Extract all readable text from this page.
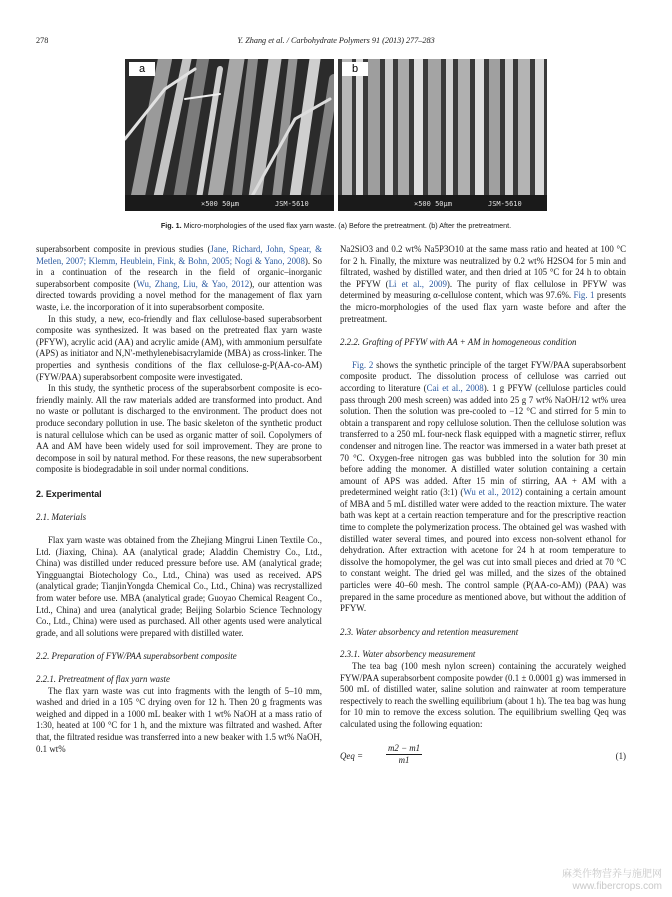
278	Y. Zhang et al. / Carbohydrate Polymers 91 (2013) 277–283
×500 50μm	JSM-5610
a
×500 50μm	JSM-5610
b
Fig. 1. Micro-morphologies of the used flax yarn waste. (a) Before the pretreatment. (b) After the pretreatment.

superabsorbent composite in previous studies (Jane, Richard, John, Spear, & Metlen, 2007; Klemm, Heublein, Fink, & Bohn, 2005; Nogi & Yano, 2008). So in a continuation of the research in the field of organic–inorganic superabsorbent composite (Wu, Zhang, Liu, & Yao, 2012), our attention was directed towards providing a novel method for the management of flax yarn waste, i.e. the incorporation of it into superabsorbent composite.

In this study, a new, eco-friendly and flax cellulose-based superabsorbent composite was synthesized. It was based on the pretreated flax yarn waste (PFYW), acrylic acid (AA) and acrylic amide (AM), with ammonium persulfate (APS) as initiator and N,N′-methylenebisacrylamide (MBA) as cross-linker. The properties and synthesis conditions of the flax cellulose-g-P(AA-co-AM) (FYW/PAA) superabsorbent composite were investigated.

In this study, the synthetic process of the superabsorbent composite is eco-friendly mainly. All the raw materials added are transformed into product. And no waste or pollutant is discharged to the environment. The product does not produce secondary pollution in use. The basic skeleton of the synthetic product is natural cellulose which can be used as organic matter of soil. Copolymers of AA and AM have been widely used for soil improvement. They are prone to decompose in soil by natural method. For these reasons, the new superabsorbent composite is biodegradable in soil under normal conditions.

2. Experimental
2.1. Materials

Flax yarn waste was obtained from the Zhejiang Mingrui Linen Textile Co., Ltd. (Jiaxing, China). AA (analytical grade; Aladdin Chemistry Co., Ltd., China) was distilled under reduced pressure before use. AM (analytical grade; Yingguangtai Biotechology Co., Ltd., China) was used as received. APS (analytical grade; TianjinYongda Chemical Co., Ltd., China) was recrystallized from water before use. MBA (analytical grade; Guoyao Chemical Reagent Co., Ltd., China) and urea (analytical grade; Beijing Solarbio Science Technology Co., Ltd., China) were used as purchased. All other agents used were analytical grade, and all solutions were prepared with distilled water.

2.2. Preparation of FYW/PAA superabsorbent composite
2.2.1. Pretreatment of flax yarn waste

The flax yarn waste was cut into fragments with the length of 5–10 mm, washed and dried in a 105 °C drying oven for 12 h. Then 20 g fragments was weighed and dipped in a 1000 mL beaker with 1 wt% NaOH at a mass ratio of 1:30, heated at 100 °C for 1 h, and the mixture was filtrated and washed. After that, the filtrated residue was transferred into a new beaker with 1.5 wt% NaOH, 0.1 wt%

Na2SiO3 and 0.2 wt% Na5P3O10 at the same mass ratio and heated at 100 °C for 2 h. Finally, the mixture was neutralized by 0.2 wt% H2SO4 for 5 min and filtrated, washed by distilled water, and then dried at 105 °C for 24 h to obtain the PFYW (Li et al., 2009). The purity of flax cellulose in PFYW was determined by measuring α-cellulose content, which was 97.6%. Fig. 1 presents the micro-morphologies of the used flax yarn waste before and after the pretreatment.

2.2.2. Grafting of PFYW with AA + AM in homogeneous condition

Fig. 2 shows the synthetic principle of the target FYW/PAA superabsorbent composite product. The dissolution process of cellulose was carried out according to literature (Cai et al., 2008). 1 g PFYW (cellulose particles could pass through 200 mesh screen) was added into 25 g 7 wt% NaOH/12 wt% urea solution. Then the solution was pre-cooled to −12 °C and stirred for 5 min to obtain a transparent and ropy cellulose solution. Then the cellulose solution was transferred to a 250 mL four-neck flask equipped with a magnetic stirrer, reflux condenser and nitrogen line. The reactor was immersed in a water bath preset at 70 °C. Oxygen-free nitrogen gas was bubbled into the solution for 30 min before adding the monomer. A distilled water solution containing a certain amount of APS was added. After 15 min of stirring, AA + AM with a predetermined weight ratio (3:1) (Wu et al., 2012) containing a certain amount of MBA and 5 mL distilled water were added to the reaction mixture. The water bath was kept at a certain reaction temperature and for the prescriptive reaction time to complete the polymerization process. The obtained gel was washed with distilled water several times, and poured into excess non-solvent ethanol for dehydration. After extraction with acetone for 24 h at room temperature to dissolve the homopolymer, the gel was cut into small pieces and dried at 70 °C to constant weight. The dried gel was milled, and the sizes of the obtained particles were 40–60 mesh. The control sample (P(AA-co-AM)) (PAA) was prepared in the same procedure as mentioned above, but without the addition of PFYW.

2.3. Water absorbency and retention measurement
2.3.1. Water absorbency measurement

The tea bag (100 mesh nylon screen) containing the accurately weighed FYW/PAA superabsorbent composite powder (0.1 ± 0.0001 g) was immersed in 500 mL of distilled water, saline solution and rainwater at room temperature respectively to reach the swelling equilibrium (about 1 h). The tea bag was hung for 10 min to remove the excess solution. The equilibrium swelling Qeq was calculated using the following equation:

Qeq =	$\frac{m2 - m1}{m1}$	(1)
麻类作物营养与施肥网
www.fibercrops.com
